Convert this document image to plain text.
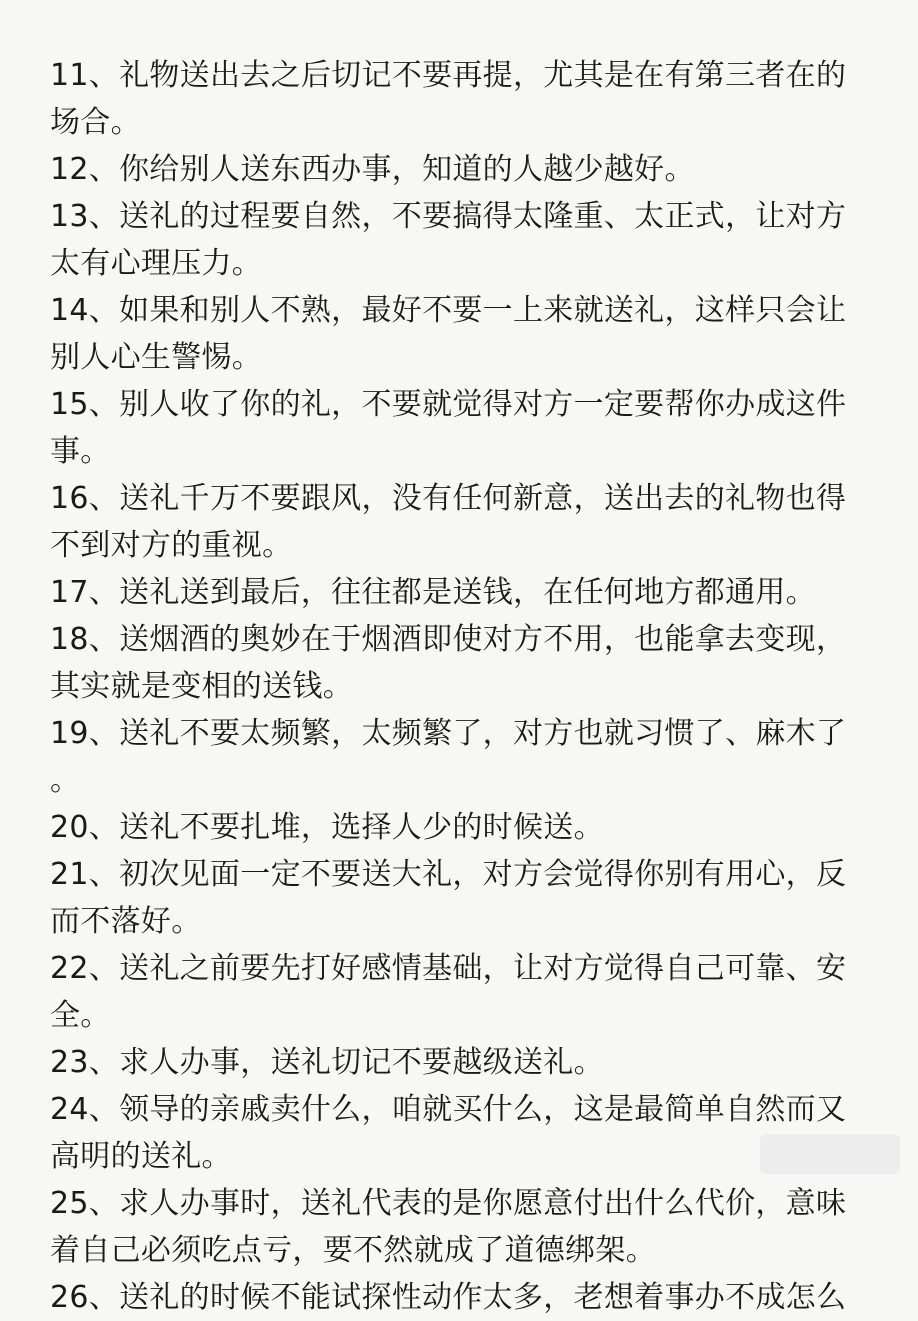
11、礼物送出去之后切记不要再提，尤其是在有第三者在的
场合。
12、你给别人送东西办事，知道的人越少越好。
13、送礼的过程要自然，不要搞得太隆重、太正式，让对方
太有心理压力。
14、如果和别人不熟，最好不要一上来就送礼，这样只会让
别人心生警惕。
15、别人收了你的礼，不要就觉得对方一定要帮你办成这件
事。
16、送礼千万不要跟风，没有任何新意，送出去的礼物也得
不到对方的重视。
17、送礼送到最后，往往都是送钱，在任何地方都通用。
18、送烟酒的奥妙在于烟酒即使对方不用，也能拿去变现，
其实就是变相的送钱。
19、送礼不要太频繁，太频繁了，对方也就习惯了、麻木了
。
20、送礼不要扎堆，选择人少的时候送。
21、初次见面一定不要送大礼，对方会觉得你别有用心，反
而不落好。
22、送礼之前要先打好感情基础，让对方觉得自己可靠、安
全。
23、求人办事，送礼切记不要越级送礼。
24、领导的亲戚卖什么，咱就买什么，这是最简单自然而又
高明的送礼。
25、求人办事时，送礼代表的是你愿意付出什么代价，意味
着自己必须吃点亏，要不然就成了道德绑架。
26、送礼的时候不能试探性动作太多，老想着事办不成怎么
